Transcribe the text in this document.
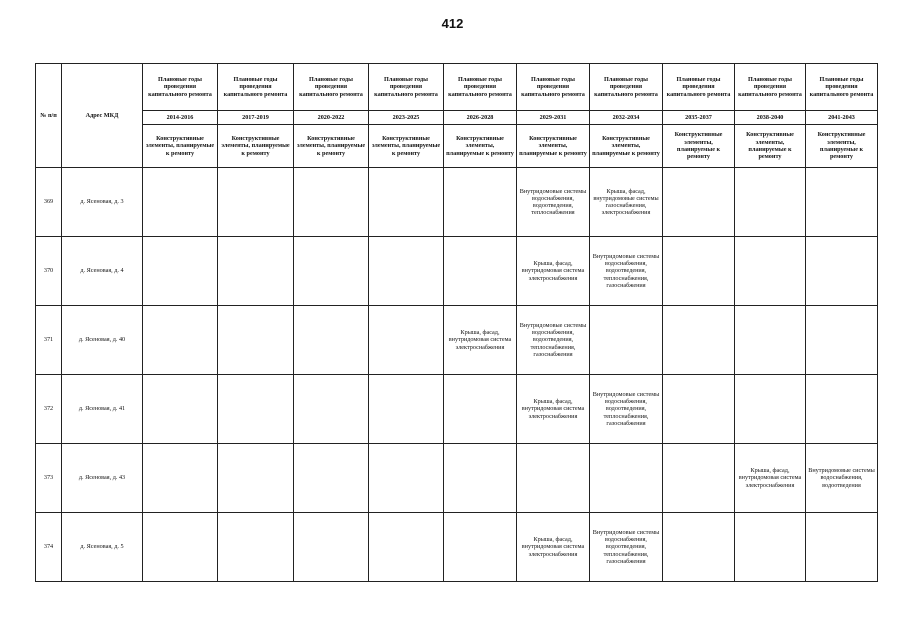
412
№ п/п	Адрес МКД	Плановые годы проведения капитального ремонта	Плановые годы проведения капитального ремонта	Плановые годы проведения капитального ремонта	Плановые годы проведения капитального ремонта	Плановые годы проведения капитального ремонта	Плановые годы проведения капитального ремонта	Плановые годы проведения капитального ремонта	Плановые годы проведения капитального ремонта	Плановые годы проведения капитального ремонта	Плановые годы проведения капитального ремонта
		2014-2016	2017-2019	2020-2022	2023-2025	2026-2028	2029-2031	2032-2034	2035-2037	2038-2040	2041-2043
		Конструктивные элементы, планируемые к ремонту	Конструктивные элементы, планируемые к ремонту	Конструктивные элементы, планируемые к ремонту	Конструктивные элементы, планируемые к ремонту	Конструктивные элементы, планируемые к ремонту	Конструктивные элементы, планируемые к ремонту	Конструктивные элементы, планируемые к ремонту	Конструктивные элементы, планируемые к ремонту	Конструктивные элементы, планируемые к ремонту	Конструктивные элементы, планируемые к ремонту
369	д. Ясеновая, д. 3						Внутридомовые системы водоснабжения, водоотведения, теплоснабжения	Крыша, фасад, внутридомовые системы газоснабжения, электроснабжения			
370	д. Ясеновая, д. 4						Крыша, фасад, внутридомовая система электроснабжения	Внутридомовые системы водоснабжения, водоотведения, теплоснабжения, газоснабжения			
371	д. Ясеновая, д. 40					Крыша, фасад, внутридомовая система электроснабжения	Внутридомовые системы водоснабжения, водоотведения, теплоснабжения, газоснабжения				
372	д. Ясеновая, д. 41						Крыша, фасад, внутридомовая система электроснабжения	Внутридомовые системы водоснабжения, водоотведения, теплоснабжения, газоснабжения			
373	д. Ясеновая, д. 43									Крыша, фасад, внутридомовая система электроснабжения	Внутридомовые системы водоснабжения, водоотведения
374	д. Ясеновая, д. 5						Крыша, фасад, внутридомовая система электроснабжения	Внутридомовые системы водоснабжения, водоотведения, теплоснабжения, газоснабжения			
